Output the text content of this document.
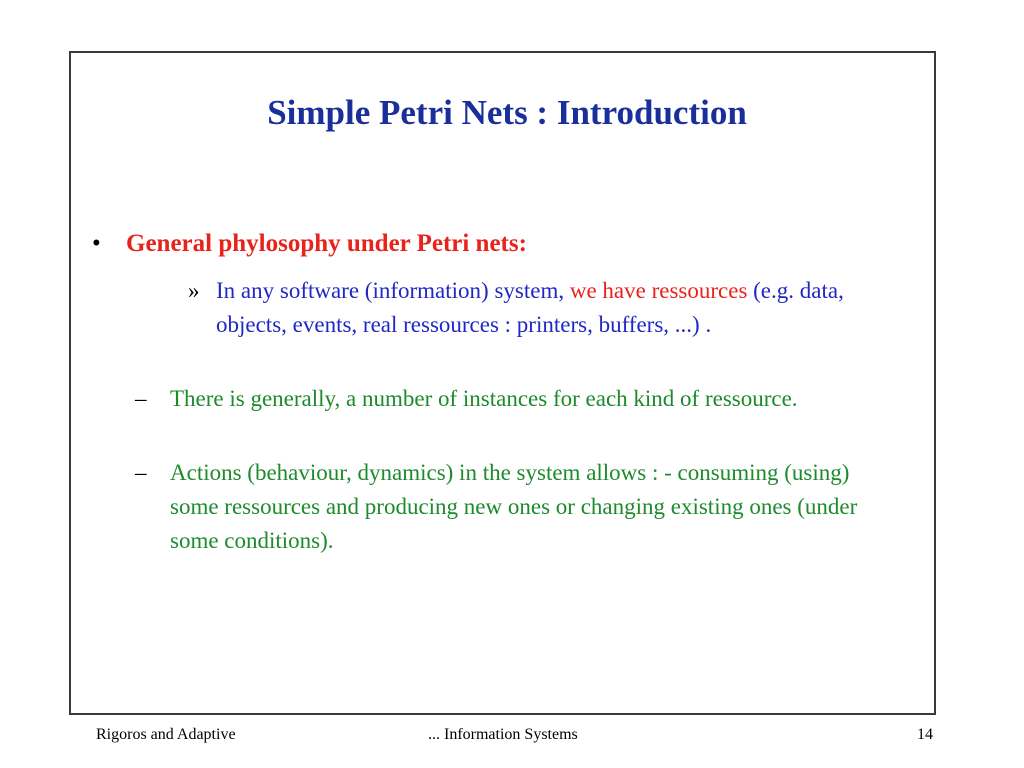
Simple Petri Nets : Introduction
• General phylosophy under Petri nets:
» In any software (information) system, we have ressources (e.g. data, objects, events, real ressources : printers, buffers, ...) .
– There is generally, a number of instances for each kind of ressource.
– Actions (behaviour, dynamics) in the system allows : - consuming (using) some ressources and producing new ones or changing existing ones (under some conditions).
Rigoros and Adaptive	... Information Systems	14
